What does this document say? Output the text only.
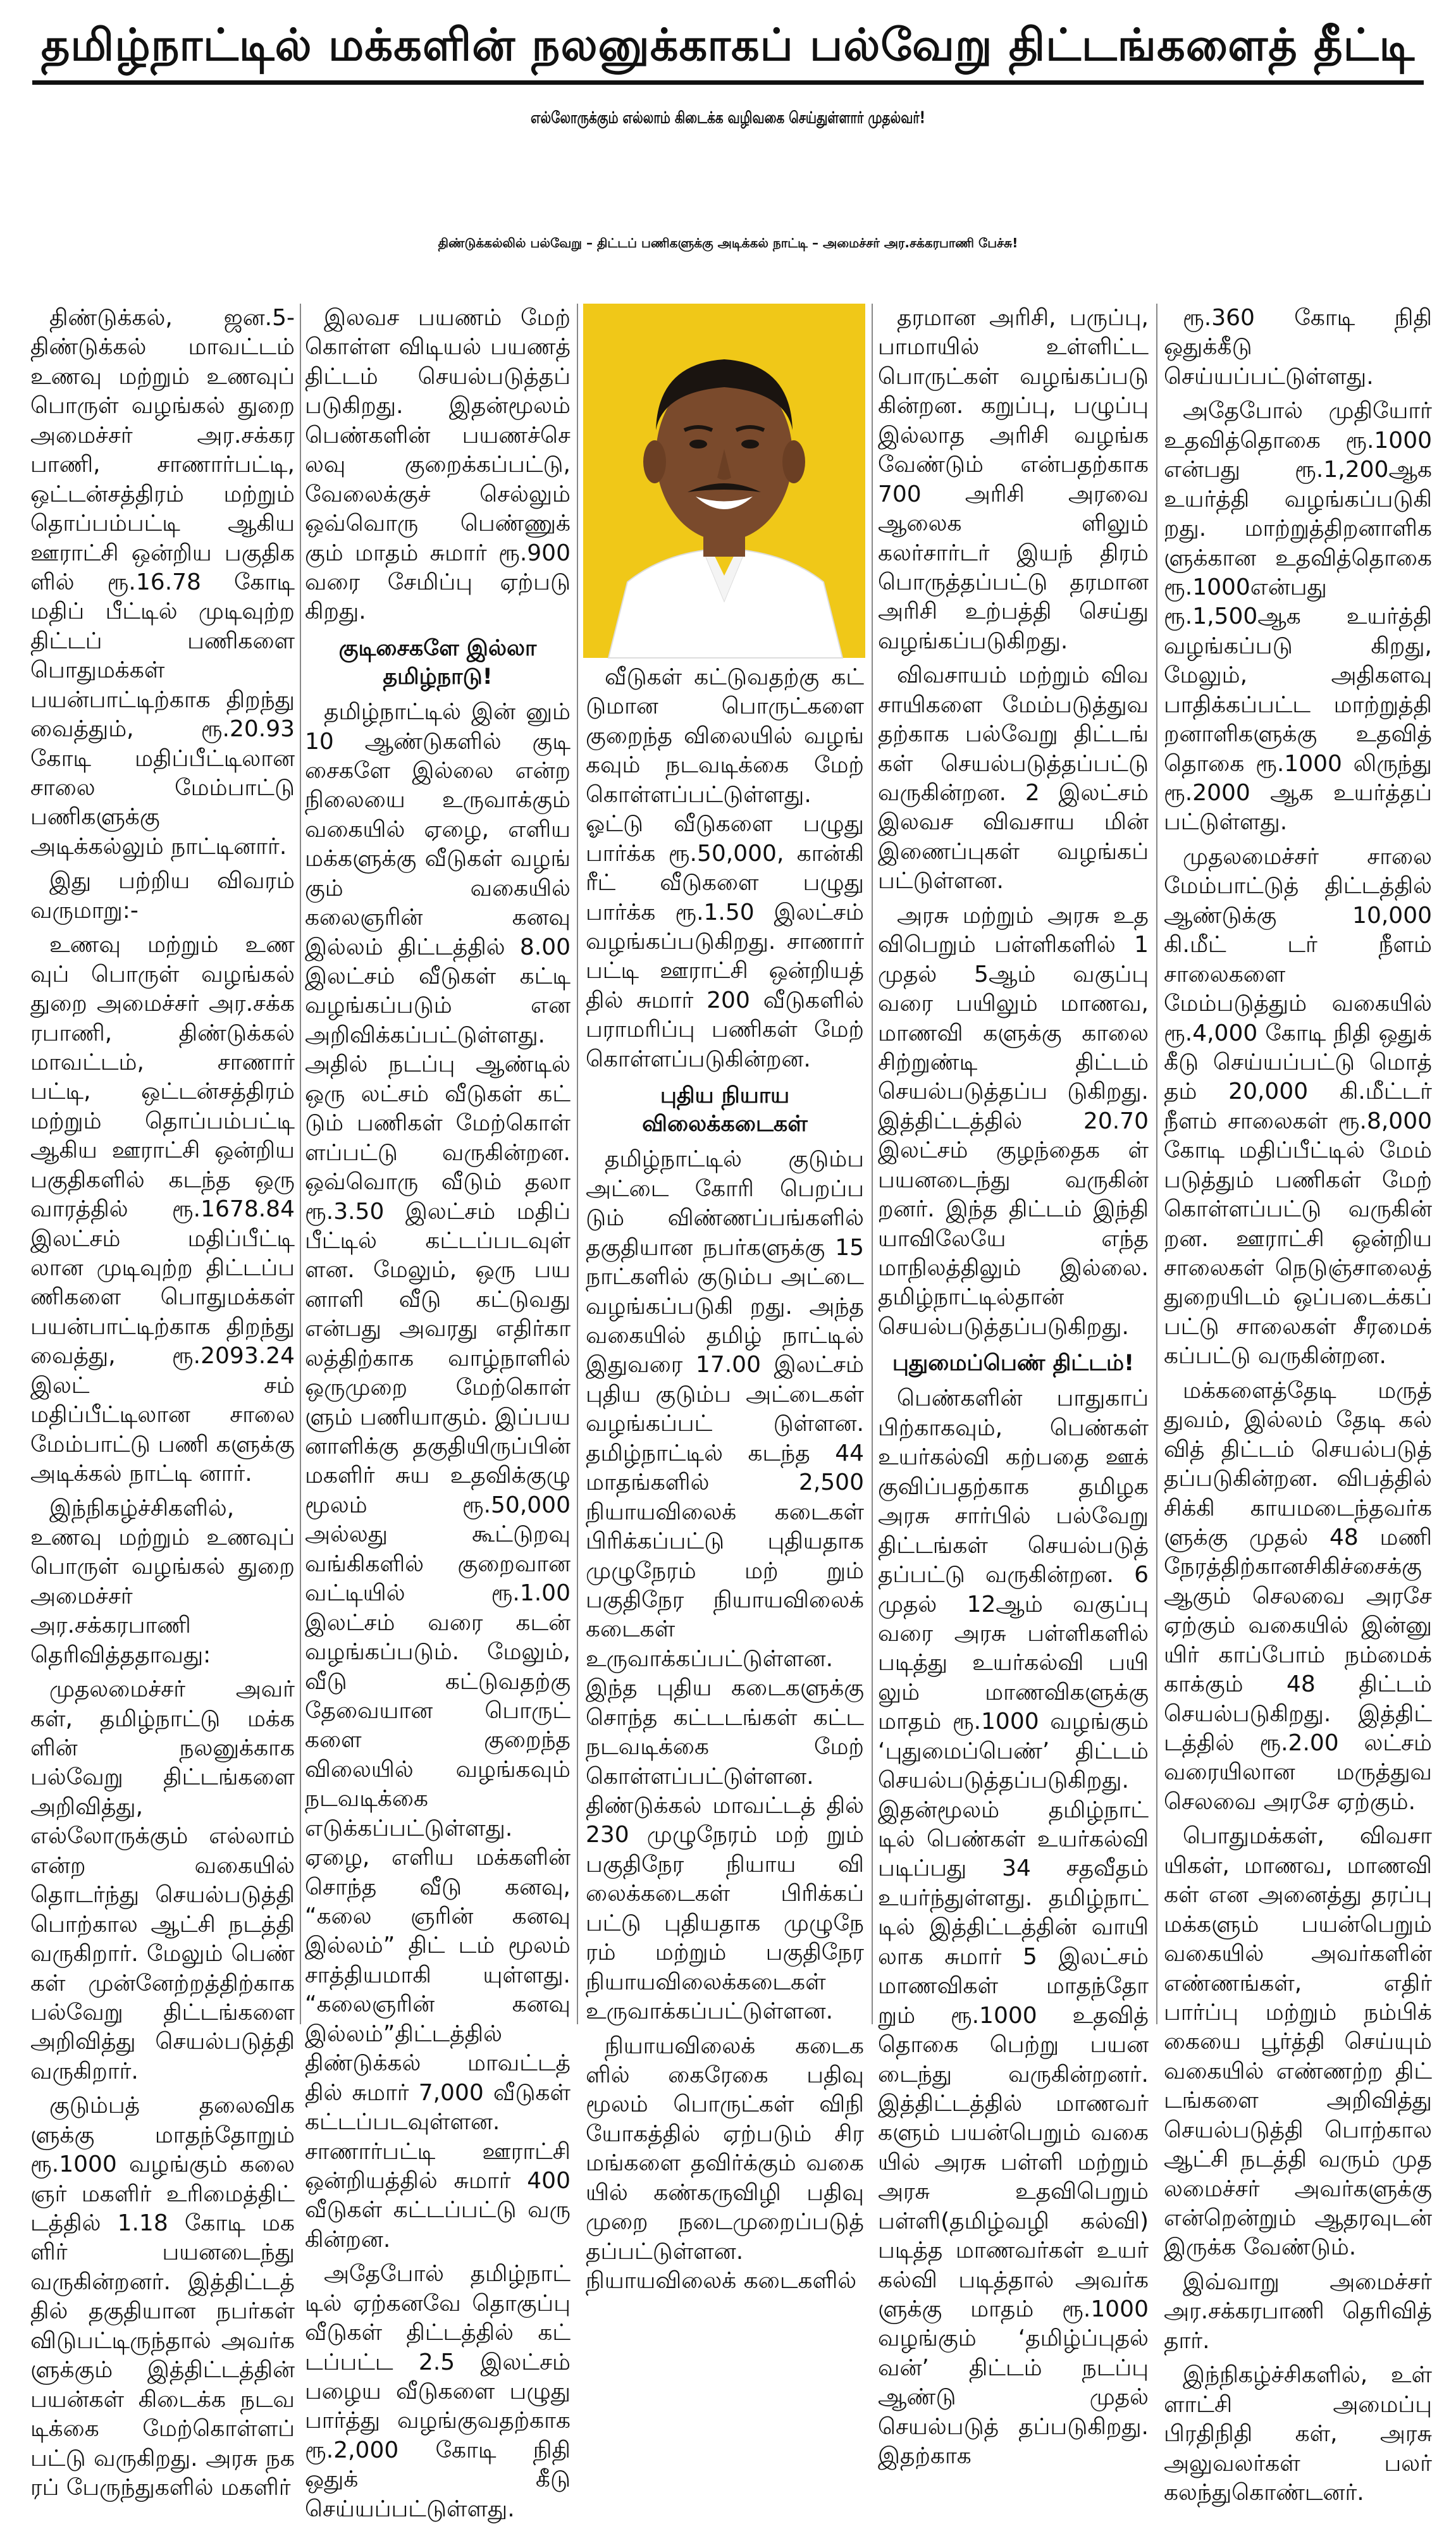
தமிழ்நாட்டில் மக்களின் நலனுக்காகப் பல்வேறு திட்டங்களைத் தீட்டி
எல்லோருக்கும் எல்லாம் கிடைக்க வழிவகை செய்துள்ளார் முதல்வர்!
திண்டுக்கல்லில் பல்வேறு – திட்டப் பணிகளுக்கு அடிக்கல் நாட்டி – அமைச்சர் அர.சக்கரபாணி பேச்சு!

திண்டுக்கல், ஜன.5- திண்டுக்கல் மாவட்டம் உணவு மற்றும் உணவுப் பொருள் வழங்கல் துறை அமைச்சர் அர.சக்கர பாணி, சாணார்பட்டி, ஒட்டன்சத்திரம் மற்றும் தொப்பம்பட்டி ஆகிய ஊராட்சி ஒன்றிய பகுதிக ளில் ரூ.16.78 கோடி மதிப் பீட்டில் முடிவுற்ற திட்டப் பணிகளை பொதுமக்கள் பயன்பாட்டிற்காக திறந்து வைத்தும், ரூ.20.93 கோடி மதிப்பீட்டிலான சாலை மேம்பாட்டு பணிகளுக்கு அடிக்கல்லும் நாட்டினார்.

இது பற்றிய விவரம் வருமாறு:-

உணவு மற்றும் உண வுப் பொருள் வழங்கல் துறை அமைச்சர் அர.சக்க ரபாணி, திண்டுக்கல் மாவட்டம், சாணார் பட்டி, ஒட்டன்சத்திரம் மற்றும் தொப்பம்பட்டி ஆகிய ஊராட்சி ஒன்றிய பகுதிகளில் கடந்த ஒரு வாரத்தில் ரூ.1678.84 இலட்சம் மதிப்பீட்டி லான முடிவுற்ற திட்டப்ப ணிகளை பொதுமக்கள் பயன்பாட்டிற்காக திறந்து வைத்து, ரூ.2093.24 இலட் சம் மதிப்பீட்டிலான சாலை மேம்பாட்டு பணி களுக்கு அடிக்கல் நாட்டி னார்.

இந்நிகழ்ச்சிகளில், உணவு மற்றும் உணவுப் பொருள் வழங்கல் துறை அமைச்சர் அர.சக்கரபாணி தெரிவித்ததாவது:

முதலமைச்சர் அவர் கள், தமிழ்நாட்டு மக்க ளின் நலனுக்காக பல்வேறு திட்டங்களை அறிவித்து, எல்லோருக்கும் எல்லாம் என்ற வகையில் தொடர்ந்து செயல்படுத்தி பொற்கால ஆட்சி நடத்தி வருகிறார். மேலும் பெண் கள் முன்னேற்றத்திற்காக பல்வேறு திட்டங்களை அறிவித்து செயல்படுத்தி வருகிறார்.

குடும்பத் தலைவிக ளுக்கு மாதந்தோறும் ரூ.1000 வழங்கும் கலை ஞர் மகளிர் உரிமைத்திட் டத்தில் 1.18 கோடி மக ளிர் பயனடைந்து வருகின்றனர். இத்திட்டத் தில் தகுதியான நபர்கள் விடுபட்டிருந்தால் அவர்க ளுக்கும் இத்திட்டத்தின் பயன்கள் கிடைக்க நடவ டிக்கை மேற்கொள்ளப் பட்டு வருகிறது. அரசு நக ரப் பேருந்துகளில் மகளிர்

இலவச பயணம் மேற் கொள்ள விடியல் பயணத் திட்டம் செயல்படுத்தப் படுகிறது. இதன்மூலம் பெண்களின் பயணச்செ லவு குறைக்கப்பட்டு, வேலைக்குச் செல்லும் ஒவ்வொரு பெண்ணுக் கும் மாதம் சுமார் ரூ.900 வரை சேமிப்பு ஏற்படு கிறது.

குடிசைகளே இல்லா தமிழ்நாடு!

தமிழ்நாட்டில் இன் னும் 10 ஆண்டுகளில் குடி சைகளே இல்லை என்ற நிலையை உருவாக்கும் வகையில் ஏழை, எளிய மக்களுக்கு வீடுகள் வழங் கும் வகையில் கலைஞரின் கனவு இல்லம் திட்டத்தில் 8.00 இலட்சம் வீடுகள் கட்டி வழங்கப்படும் என அறிவிக்கப்பட்டுள்ளது. அதில் நடப்பு ஆண்டில் ஒரு லட்சம் வீடுகள் கட் டும் பணிகள் மேற்கொள் ளப்பட்டு வருகின்றன. ஒவ்வொரு வீடும் தலா ரூ.3.50 இலட்சம் மதிப் பீட்டில் கட்டப்படவுள் ளன. மேலும், ஒரு பய னாளி வீடு கட்டுவது என்பது அவரது எதிர்கா லத்திற்காக வாழ்நாளில் ஒருமுறை மேற்கொள் ளும் பணியாகும். இப்பய னாளிக்கு தகுதியிருப்பின் மகளிர் சுய உதவிக்குழு மூலம் ரூ.50,000 அல்லது கூட்டுறவு வங்கிகளில் குறைவான வட்டியில் ரூ.1.00 இலட்சம் வரை கடன் வழங்கப்படும். மேலும், வீடு கட்டுவதற்கு தேவையான பொருட் களை குறைந்த விலையில் வழங்கவும் நடவடிக்கை எடுக்கப்பட்டுள்ளது. ஏழை, எளிய மக்களின் சொந்த வீடு கனவு, “கலை ஞரின் கனவு இல்லம்” திட் டம் மூலம் சாத்தியமாகி யுள்ளது. “கலைஞரின் கனவு இல்லம்”திட்டத்தில் திண்டுக்கல் மாவட்டத் தில் சுமார் 7,000 வீடுகள் கட்டப்படவுள்ளன. சாணார்பட்டி ஊராட்சி ஒன்றியத்தில் சுமார் 400 வீடுகள் கட்டப்பட்டு வரு கின்றன.

அதேபோல் தமிழ்நாட் டில் ஏற்கனவே தொகுப்பு வீடுகள் திட்டத்தில் கட் டப்பட்ட 2.5 இலட்சம் பழைய வீடுகளை பழுது பார்த்து வழங்குவதற்காக ரூ.2,000 கோடி நிதி ஒதுக் கீடு செய்யப்பட்டுள்ளது.

வீடுகள் கட்டுவதற்கு கட் டுமான பொருட்களை குறைந்த விலையில் வழங் கவும் நடவடிக்கை மேற் கொள்ளப்பட்டுள்ளது. ஓட்டு வீடுகளை பழுது பார்க்க ரூ.50,000, கான்கி ரீட் வீடுகளை பழுது பார்க்க ரூ.1.50 இலட்சம் வழங்கப்படுகிறது. சாணார் பட்டி ஊராட்சி ஒன்றியத் தில் சுமார் 200 வீடுகளில் பராமரிப்பு பணிகள் மேற் கொள்ளப்படுகின்றன.

புதிய நியாய விலைக்கடைகள்

தமிழ்நாட்டில் குடும்ப அட்டை கோரி பெறப்ப டும் விண்ணப்பங்களில் தகுதியான நபர்களுக்கு 15 நாட்களில் குடும்ப அட்டை வழங்கப்படுகி றது. அந்த வகையில் தமிழ் நாட்டில் இதுவரை 17.00 இலட்சம் புதிய குடும்ப அட்டைகள் வழங்கப்பட் டுள்ளன. தமிழ்நாட்டில் கடந்த 44 மாதங்களில் 2,500 நியாயவிலைக் கடைகள் பிரிக்கப்பட்டு புதியதாக முழுநேரம் மற் றும் பகுதிநேர நியாயவிலைக் கடைகள் உருவாக்கப்பட்டுள்ளன. இந்த புதிய கடைகளுக்கு சொந்த கட்டடங்கள் கட்ட நடவடிக்கை மேற் கொள்ளப்பட்டுள்ளன. திண்டுக்கல் மாவட்டத் தில் 230 முழுநேரம் மற் றும் பகுதிநேர நியாய வி லைக்கடைகள் பிரிக்கப் பட்டு புதியதாக முழுநே ரம் மற்றும் பகுதிநேர நியாயவிலைக்கடைகள் உருவாக்கப்பட்டுள்ளன.

நியாயவிலைக் கடைக ளில் கைரேகை பதிவு மூலம் பொருட்கள் விநி யோகத்தில் ஏற்படும் சிர மங்களை தவிர்க்கும் வகை யில் கண்கருவிழி பதிவு முறை நடைமுறைப்படுத் தப்பட்டுள்ளன. நியாயவிலைக் கடைகளில்

தரமான அரிசி, பருப்பு, பாமாயில் உள்ளிட்ட பொருட்கள் வழங்கப்படு கின்றன. கறுப்பு, பழுப்பு இல்லாத அரிசி வழங்க வேண்டும் என்பதற்காக 700 அரிசி அரவை ஆலைக ளிலும் கலர்சார்டர் இயந் திரம் பொருத்தப்பட்டு தரமான அரிசி உற்பத்தி செய்து வழங்கப்படுகிறது.

விவசாயம் மற்றும் விவ சாயிகளை மேம்படுத்துவ தற்காக பல்வேறு திட்டங் கள் செயல்படுத்தப்பட்டு வருகின்றன. 2 இலட்சம் இலவச விவசாய மின் இணைப்புகள் வழங்கப் பட்டுள்ளன.

அரசு மற்றும் அரசு உத விபெறும் பள்ளிகளில் 1 முதல் 5ஆம் வகுப்பு வரை பயிலும் மாணவ, மாணவி களுக்கு காலை சிற்றுண்டி திட்டம் செயல்படுத்தப்ப டுகிறது. இத்திட்டத்தில் 20.70 இலட்சம் குழந்தைக ள் பயனடைந்து வருகின் றனர். இந்த திட்டம் இந்தி யாவிலேயே எந்த மாநிலத்திலும் இல்லை. தமிழ்நாட்டில்தான் செயல்படுத்தப்படுகிறது.

புதுமைப்பெண் திட்டம்!

பெண்களின் பாதுகாப் பிற்காகவும், பெண்கள் உயர்கல்வி கற்பதை ஊக் குவிப்பதற்காக தமிழக அரசு சார்பில் பல்வேறு திட்டங்கள் செயல்படுத் தப்பட்டு வருகின்றன. 6 முதல் 12ஆம் வகுப்பு வரை அரசு பள்ளிகளில் படித்து உயர்கல்வி பயி லும் மாணவிகளுக்கு மாதம் ரூ.1000 வழங்கும் ‘புதுமைப்பெண்’ திட்டம் செயல்படுத்தப்படுகிறது. இதன்மூலம் தமிழ்நாட் டில் பெண்கள் உயர்கல்வி படிப்பது 34 சதவீதம் உயர்ந்துள்ளது. தமிழ்நாட் டில் இத்திட்டத்தின் வாயி லாக சுமார் 5 இலட்சம் மாணவிகள் மாதந்தோ றும் ரூ.1000 உதவித் தொகை பெற்று பயன டைந்து வருகின்றனர். இத்திட்டத்தில் மாணவர் களும் பயன்பெறும் வகை யில் அரசு பள்ளி மற்றும் அரசு உதவிபெறும் பள்ளி(தமிழ்வழி கல்வி) படித்த மாணவர்கள் உயர் கல்வி படித்தால் அவர்க ளுக்கு மாதம் ரூ.1000 வழங்கும் ‘தமிழ்ப்புதல் வன்’ திட்டம் நடப்பு ஆண்டு முதல் செயல்படுத் தப்படுகிறது. இதற்காக

ரூ.360 கோடி நிதி ஒதுக்கீடு செய்யப்பட்டுள்ளது.

அதேபோல் முதியோர் உதவித்தொகை ரூ.1000 என்பது ரூ.1,200ஆக உயர்த்தி வழங்கப்படுகி றது. மாற்றுத்திறனாளிக ளுக்கான உதவித்தொகை ரூ.1000என்பது ரூ.1,500ஆக உயர்த்தி வழங்கப்படு கிறது, மேலும், அதிகளவு பாதிக்கப்பட்ட மாற்றுத்தி றனாளிகளுக்கு உதவித் தொகை ரூ.1000 லிருந்து ரூ.2000 ஆக உயர்த்தப் பட்டுள்ளது.

முதலமைச்சர் சாலை மேம்பாட்டுத் திட்டத்தில் ஆண்டுக்கு 10,000 கி.மீட் டர் நீளம் சாலைகளை மேம்படுத்தும் வகையில் ரூ.4,000 கோடி நிதி ஒதுக் கீடு செய்யப்பட்டு மொத் தம் 20,000 கி.மீட்டர் நீளம் சாலைகள் ரூ.8,000 கோடி மதிப்பீட்டில் மேம் படுத்தும் பணிகள் மேற் கொள்ளப்பட்டு வருகின் றன. ஊராட்சி ஒன்றிய சாலைகள் நெடுஞ்சாலைத் துறையிடம் ஒப்படைக்கப் பட்டு சாலைகள் சீரமைக் கப்பட்டு வருகின்றன.

மக்களைத்தேடி மருத் துவம், இல்லம் தேடி கல் வித் திட்டம் செயல்படுத் தப்படுகின்றன. விபத்தில் சிக்கி காயமடைந்தவர்க ளுக்கு முதல் 48 மணி நேரத்திற்கானசிகிச்சைக்கு ஆகும் செலவை அரசே ஏற்கும் வகையில் இன்னு யிர் காப்போம் நம்மைக் காக்கும் 48 திட்டம் செயல்படுகிறது. இத்திட் டத்தில் ரூ.2.00 லட்சம் வரையிலான மருத்துவ செலவை அரசே ஏற்கும்.

பொதுமக்கள், விவசா யிகள், மாணவ, மாணவி கள் என அனைத்து தரப்பு மக்களும் பயன்பெறும் வகையில் அவர்களின் எண்ணங்கள், எதிர் பார்ப்பு மற்றும் நம்பிக் கையை பூர்த்தி செய்யும் வகையில் எண்ணற்ற திட் டங்களை அறிவித்து செயல்படுத்தி பொற்கால ஆட்சி நடத்தி வரும் முத லமைச்சர் அவர்களுக்கு என்றென்றும் ஆதரவுடன் இருக்க வேண்டும்.

இவ்வாறு அமைச்சர் அர.சக்கரபாணி தெரிவித் தார்.

இந்நிகழ்ச்சிகளில், உள் ளாட்சி அமைப்பு பிரதிநிதி கள், அரசு அலுவலர்கள் பலர் கலந்துகொண்டனர்.
